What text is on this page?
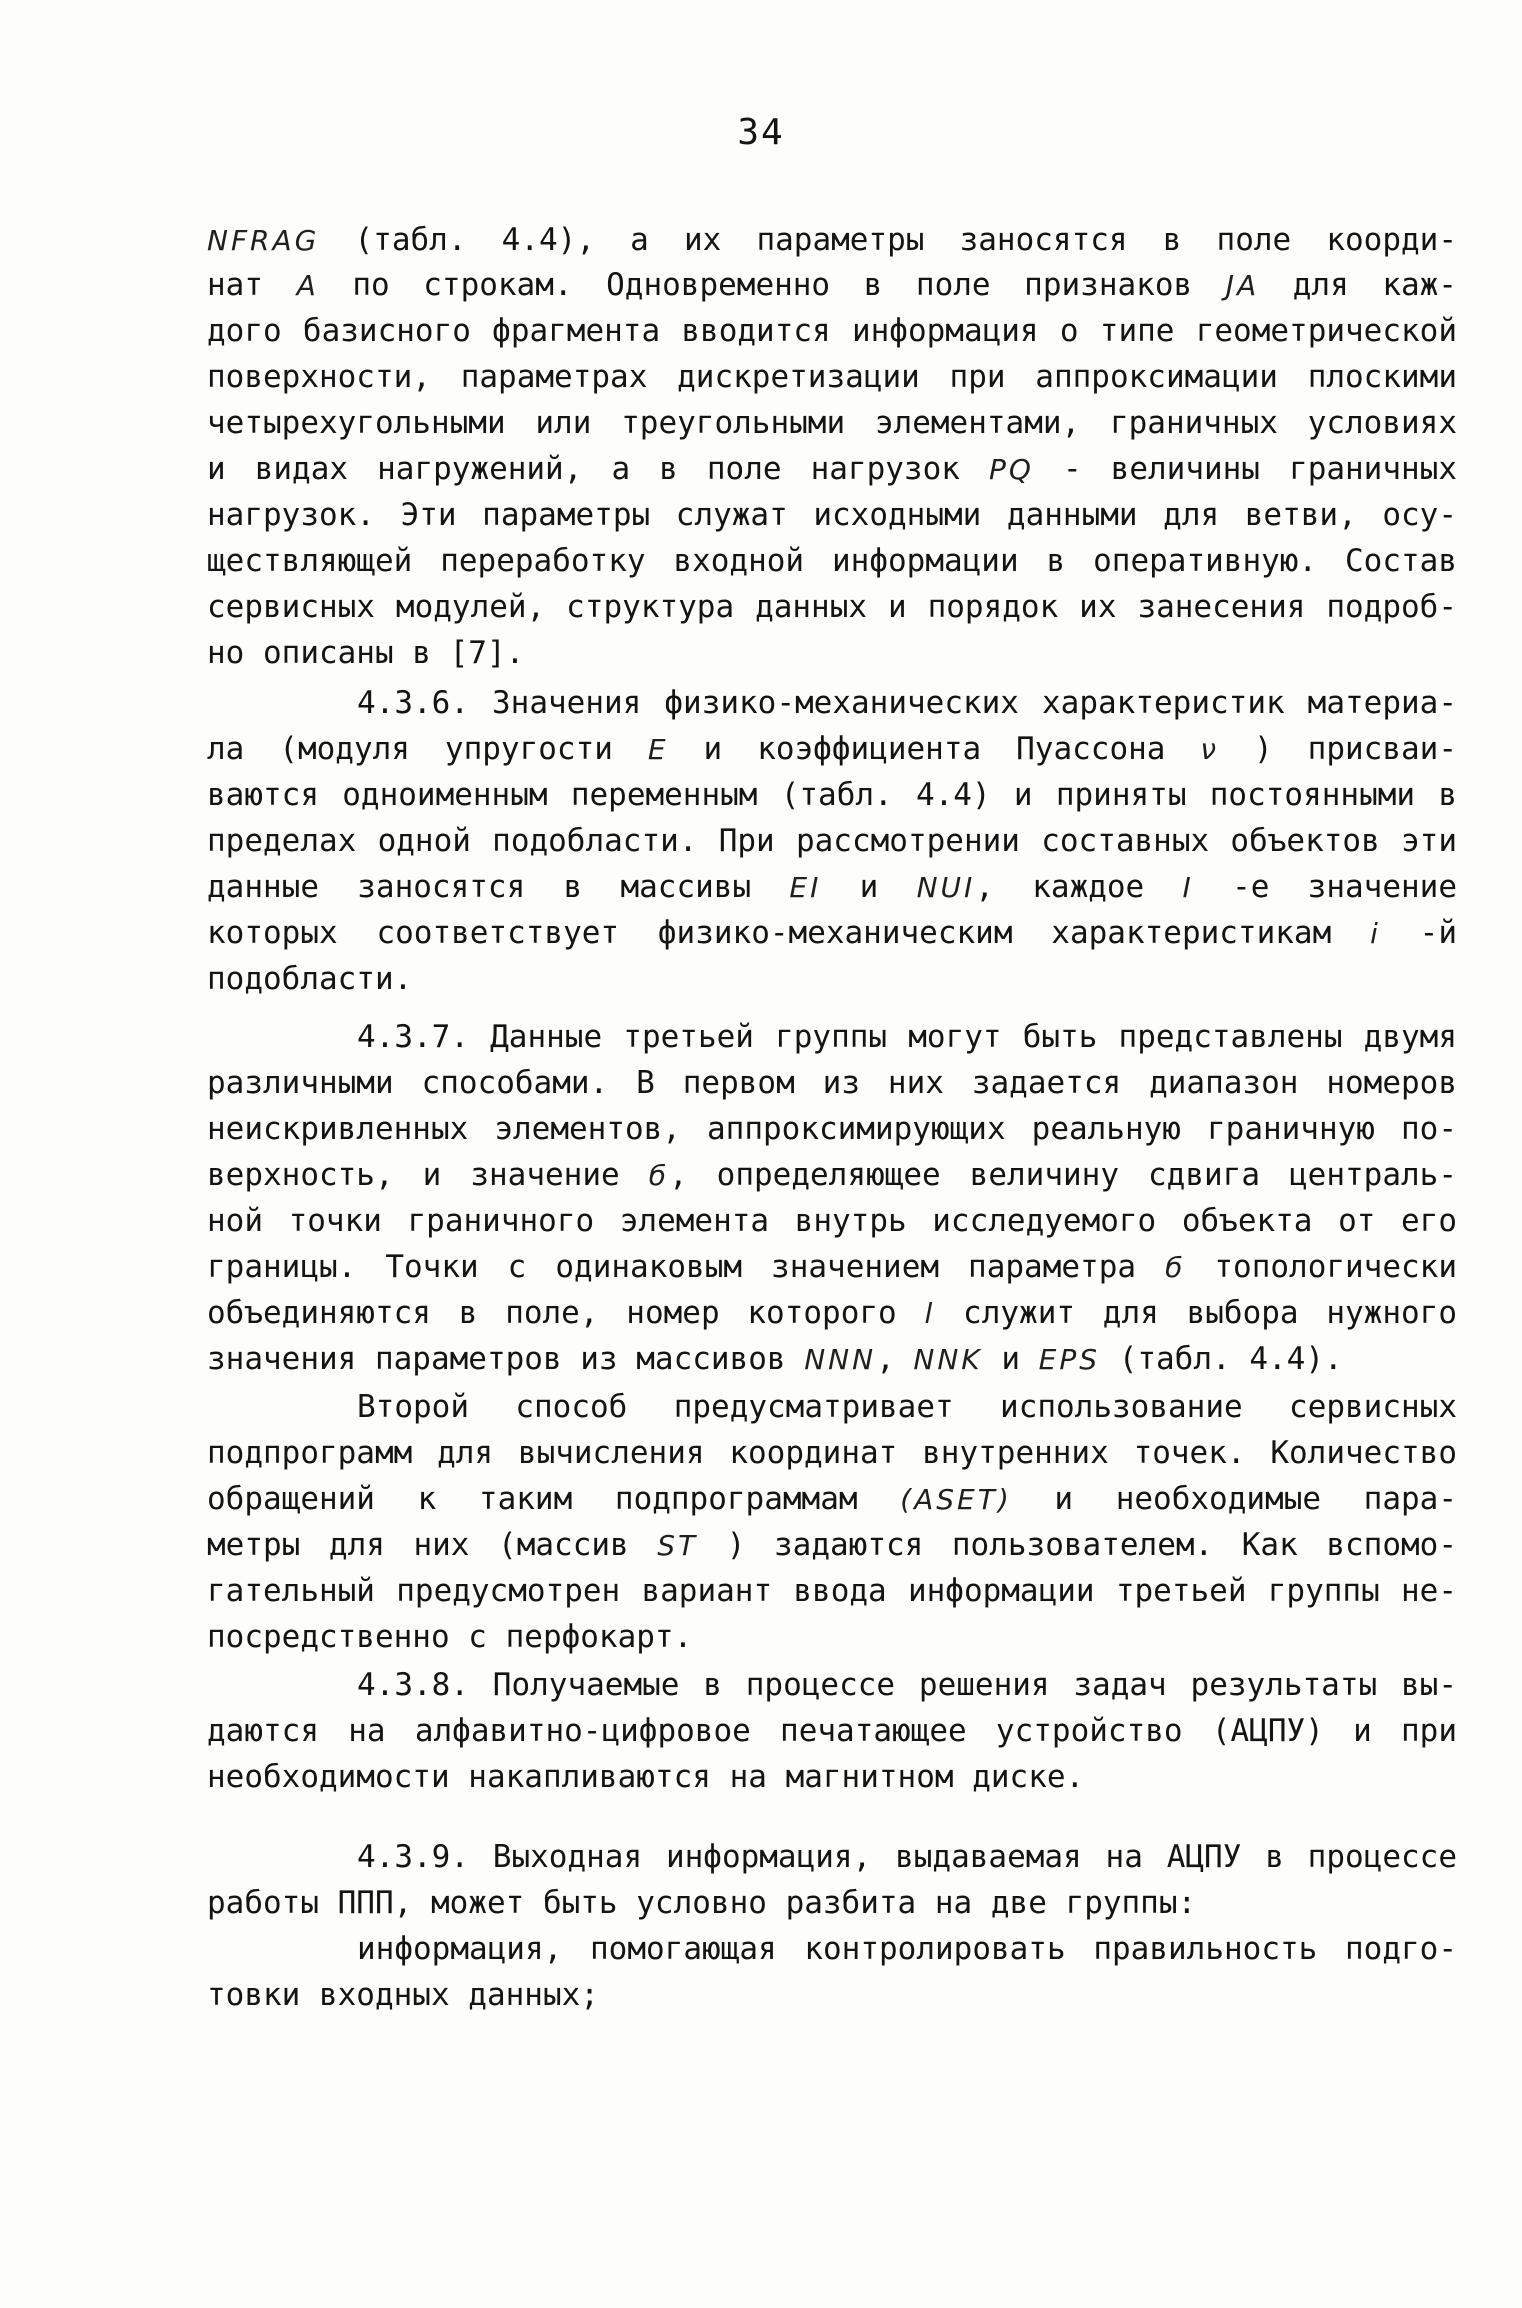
34
NFRAG (табл. 4.4), а их параметры заносятся в поле коорди-
нат A по строкам. Одновременно в поле признаков JA для каж-
дого базисного фрагмента вводится информация о типе геометрической
поверхности, параметрах дискретизации при аппроксимации плоскими
четырехугольными или треугольными элементами, граничных условиях
и видах нагружений, а в поле нагрузок PQ - величины граничных
нагрузок. Эти параметры служат исходными данными для ветви, осу-
ществляющей переработку входной информации в оперативную. Состав
сервисных модулей, структура данных и порядок их занесения подроб-
но описаны в [7].
4.3.6. Значения физико-механических характеристик материа-
ла (модуля упругости E и коэффициента Пуассона ν ) присваи-
ваются одноименным переменным (табл. 4.4) и приняты постоянными в
пределах одной подобласти. При рассмотрении составных объектов эти
данные заносятся в массивы EI и NUI, каждое I -е значение
которых соответствует физико-механическим характеристикам i -й
подобласти.
4.3.7. Данные третьей группы могут быть представлены двумя
различными способами. В первом из них задается диапазон номеров
неискривленных элементов, аппроксимирующих реальную граничную по-
верхность, и значение б, определяющее величину сдвига централь-
ной точки граничного элемента внутрь исследуемого объекта от его
границы. Точки с одинаковым значением параметра б топологически
объединяются в поле, номер которого l служит для выбора нужного
значения параметров из массивов NNN, NNK и EPS (табл. 4.4).
Второй способ предусматривает использование сервисных
подпрограмм для вычисления координат внутренних точек. Количество
обращений к таким подпрограммам (ASET) и необходимые пара-
метры для них (массив ST ) задаются пользователем. Как вспомо-
гательный предусмотрен вариант ввода информации третьей группы не-
посредственно с перфокарт.
4.3.8. Получаемые в процессе решения задач результаты вы-
даются на алфавитно-цифровое печатающее устройство (АЦПУ) и при
необходимости накапливаются на магнитном диске.
4.3.9. Выходная информация, выдаваемая на АЦПУ в процессе
работы ППП, может быть условно разбита на две группы:
информация, помогающая контролировать правильность подго-
товки входных данных;
